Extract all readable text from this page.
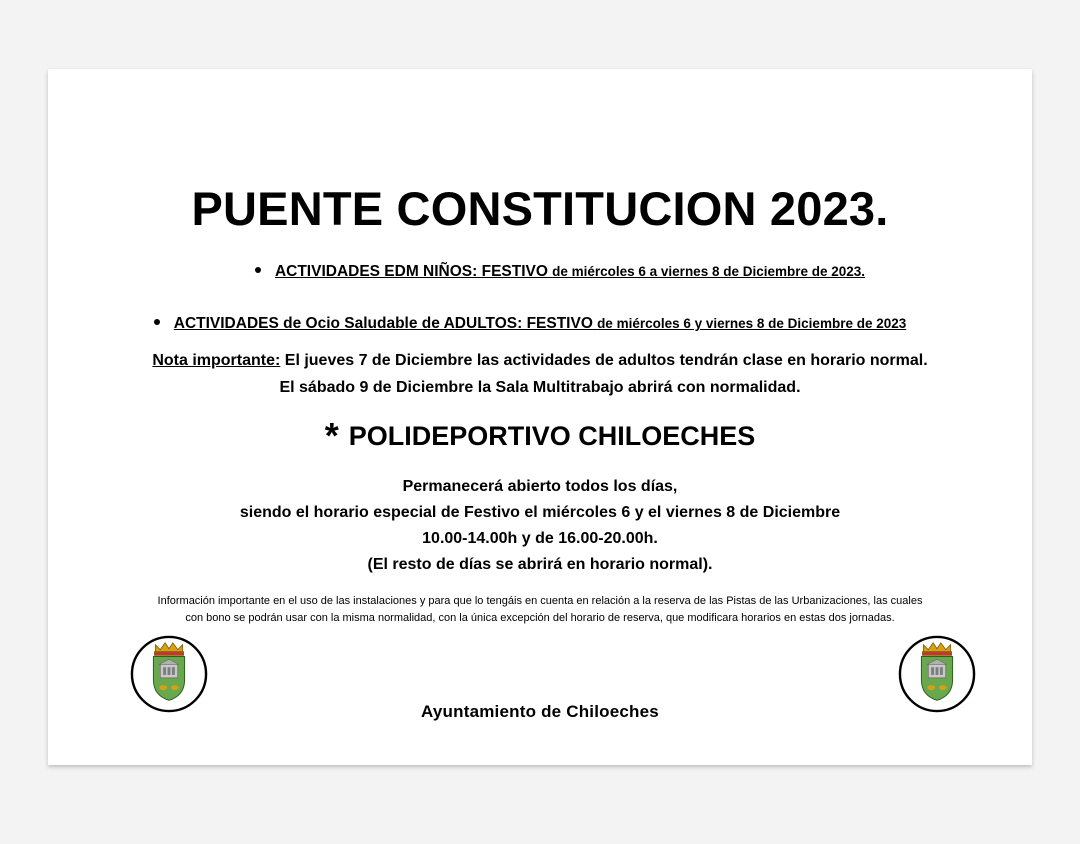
PUENTE CONSTITUCION 2023.
ACTIVIDADES EDM NIÑOS: FESTIVO de miércoles 6 a viernes 8 de Diciembre de 2023.
ACTIVIDADES de Ocio Saludable de ADULTOS: FESTIVO de miércoles 6 y viernes 8 de Diciembre de 2023
Nota importante: El jueves 7 de Diciembre las actividades de adultos tendrán clase en horario normal.
El sábado 9 de Diciembre la Sala Multitrabajo abrirá con normalidad.
* POLIDEPORTIVO CHILOECHES
Permanecerá abierto todos los días,
siendo el horario especial de Festivo el miércoles 6 y el viernes 8 de Diciembre
10.00-14.00h y de 16.00-20.00h.
(El resto de días se abrirá en horario normal).
Información importante en el uso de las instalaciones y para que lo tengáis en cuenta en relación a la reserva de las Pistas de las Urbanizaciones, las cuales
con bono se podrán usar con la misma normalidad, con la única excepción del horario de reserva, que modificara horarios en estas dos jornadas.
Ayuntamiento de Chiloeches
